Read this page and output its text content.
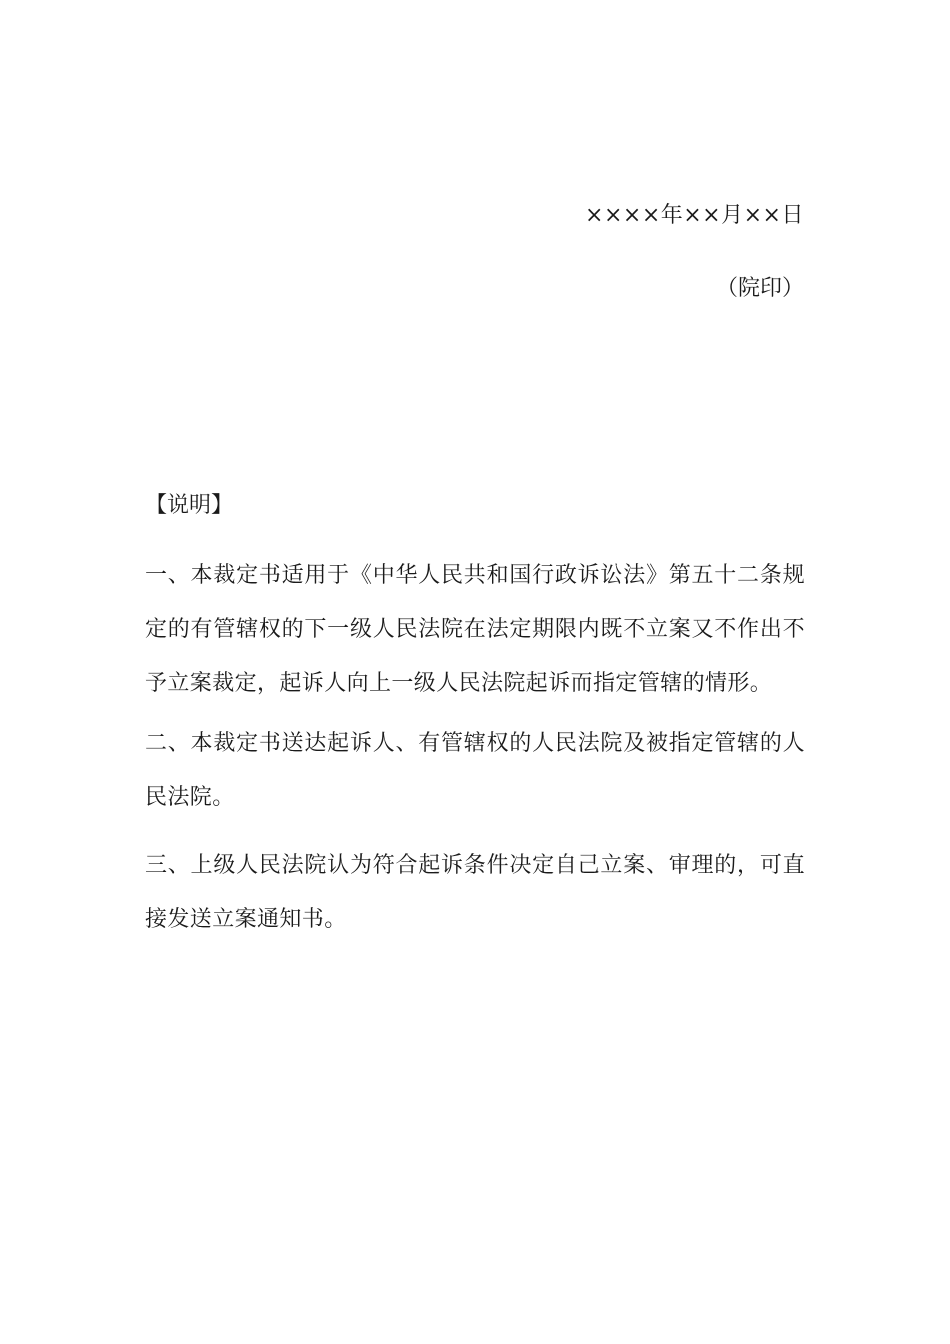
××××年××月××日
（院印）
【说明】
一、本裁定书适用于《中华人民共和国行政诉讼法》第五十二条规定的有管辖权的下一级人民法院在法定期限内既不立案又不作出不予立案裁定，起诉人向上一级人民法院起诉而指定管辖的情形。
二、本裁定书送达起诉人、有管辖权的人民法院及被指定管辖的人民法院。
三、上级人民法院认为符合起诉条件决定自己立案、审理的，可直接发送立案通知书。
